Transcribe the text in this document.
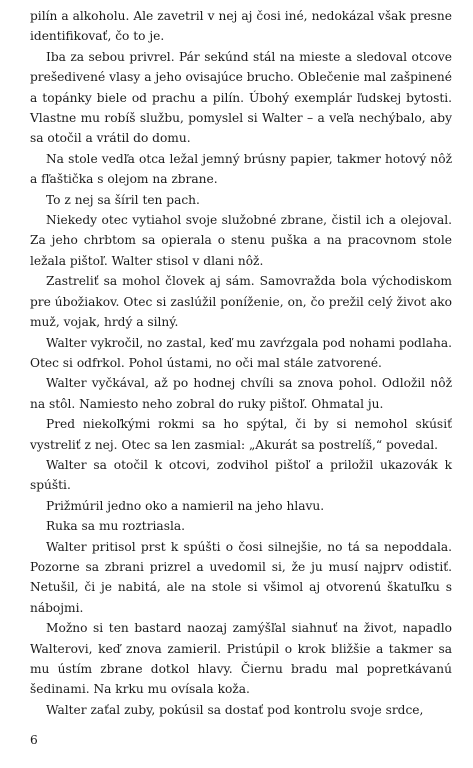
pilín a alkoholu. Ale zavetril v nej aj čosi iné, nedokázal však presne identifikovať, čo to je.

Iba za sebou privrel. Pár sekúnd stál na mieste a sledoval otcove prešedivené vlasy a jeho ovisajúce brucho. Oblečenie mal zašpinené a topánky biele od prachu a pilín. Úbohý exemplár ľudskej bytosti. Vlastne mu robíš službu, pomyslel si Walter – a veľa nechýbalo, aby sa otočil a vrátil do domu.

Na stole vedľa otca ležal jemný brúsny papier, takmer hotový nôž a fľaštička s olejom na zbrane.

To z nej sa šíril ten pach.

Niekedy otec vytiahol svoje služobné zbrane, čistil ich a olejoval. Za jeho chrbtom sa opierala o stenu puška a na pracovnom stole ležala pištoľ. Walter stisol v dlani nôž.

Zastreliť sa mohol človek aj sám. Samovražda bola východiskom pre úbožiakov. Otec si zaslúžil poníženie, on, čo prežil celý život ako muž, vojak, hrdý a silný.

Walter vykročil, no zastal, keď mu zavŕzgala pod nohami podlaha. Otec si odfrkol. Pohol ústami, no oči mal stále zatvorené.

Walter vyčkával, až po hodnej chvíli sa znova pohol. Odložil nôž na stôl. Namiesto neho zobral do ruky pištoľ. Ohmatal ju.

Pred niekoľkými rokmi sa ho spýtal, či by si nemohol skúsiť vystreliť z nej. Otec sa len zasmial: „Akurát sa postrelíš,“ povedal.

Walter sa otočil k otcovi, zodvihol pištoľ a priložil ukazovák k spúšti.

Prižmúril jedno oko a namieril na jeho hlavu.

Ruka sa mu roztriasla.

Walter pritisol prst k spúšti o čosi silnejšie, no tá sa nepoddala. Pozorne sa zbrani prizrel a uvedomil si, že ju musí najprv odistiť. Netušil, či je nabitá, ale na stole si všimol aj otvorenú škatuľku s nábojmi.

Možno si ten bastard naozaj zamýšľal siahnuť na život, napadlo Walterovi, keď znova zamieril. Pristúpil o krok bližšie a takmer sa mu ústím zbrane dotkol hlavy. Čiernu bradu mal popretkávanú šedinami. Na krku mu ovísala koža.

Walter zaťal zuby, pokúsil sa dostať pod kontrolu svoje srdce,

6
